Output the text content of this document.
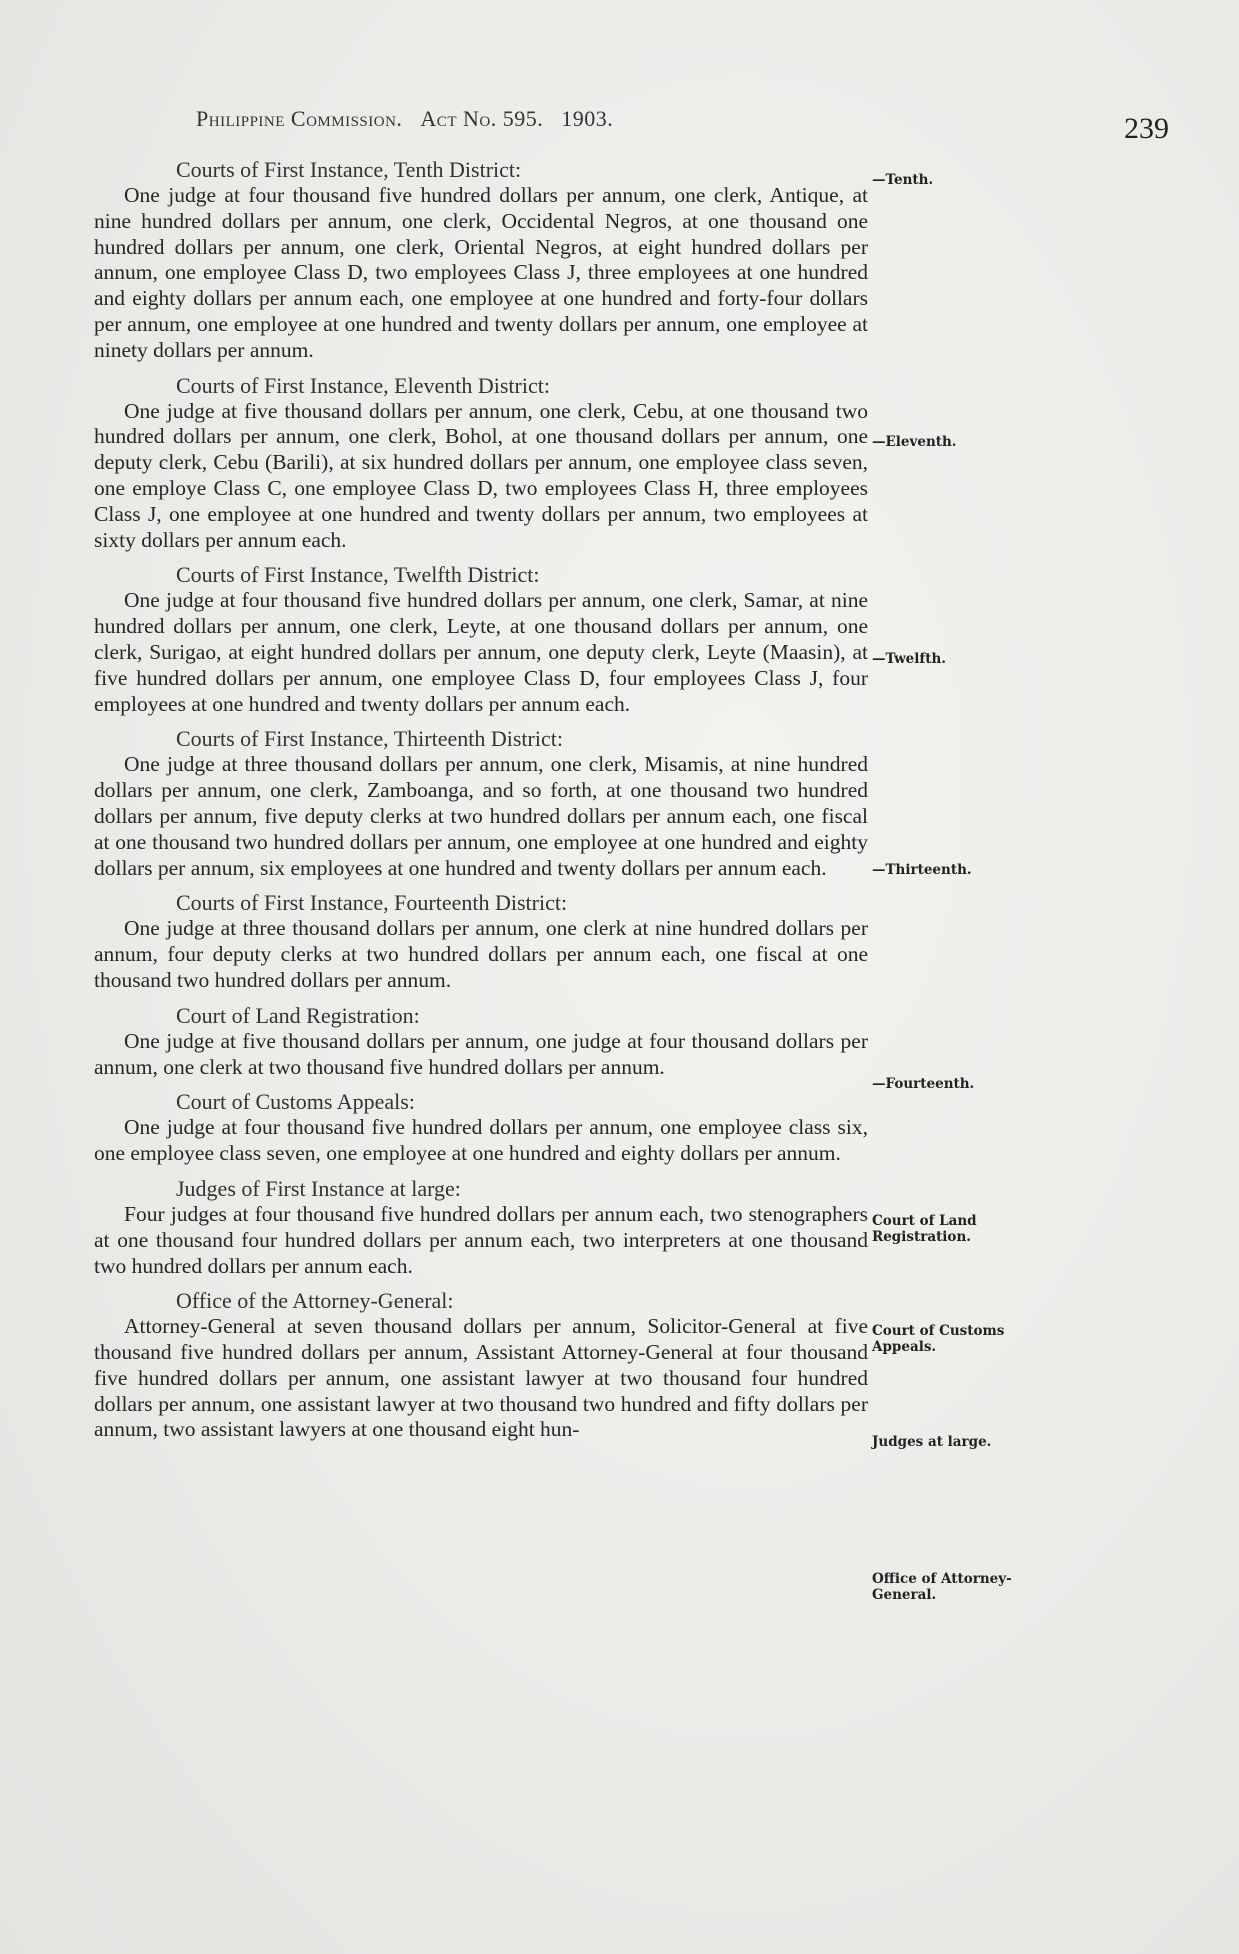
Philippine Commission. Act No. 595. 1903.	239
Courts of First Instance, Tenth District:

One judge at four thousand five hundred dollars per annum, one clerk, Antique, at nine hundred dollars per annum, one clerk, Occidental Negros, at one thousand one hundred dollars per annum, one clerk, Oriental Negros, at eight hundred dollars per annum, one employee Class D, two employees Class J, three employees at one hundred and eighty dollars per annum each, one employee at one hundred and forty-four dollars per annum, one employee at one hundred and twenty dollars per annum, one employee at ninety dollars per annum.

Courts of First Instance, Eleventh District:

One judge at five thousand dollars per annum, one clerk, Cebu, at one thousand two hundred dollars per annum, one clerk, Bohol, at one thousand dollars per annum, one deputy clerk, Cebu (Barili), at six hundred dollars per annum, one employee class seven, one employe Class C, one employee Class D, two employees Class H, three employees Class J, one employee at one hundred and twenty dollars per annum, two employees at sixty dollars per annum each.

Courts of First Instance, Twelfth District:

One judge at four thousand five hundred dollars per annum, one clerk, Samar, at nine hundred dollars per annum, one clerk, Leyte, at one thousand dollars per annum, one clerk, Surigao, at eight hundred dollars per annum, one deputy clerk, Leyte (Maasin), at five hundred dollars per annum, one employee Class D, four employees Class J, four employees at one hundred and twenty dollars per annum each.

Courts of First Instance, Thirteenth District:

One judge at three thousand dollars per annum, one clerk, Misamis, at nine hundred dollars per annum, one clerk, Zamboanga, and so forth, at one thousand two hundred dollars per annum, five deputy clerks at two hundred dollars per annum each, one fiscal at one thousand two hundred dollars per annum, one employee at one hundred and eighty dollars per annum, six employees at one hundred and twenty dollars per annum each.

Courts of First Instance, Fourteenth District:

One judge at three thousand dollars per annum, one clerk at nine hundred dollars per annum, four deputy clerks at two hundred dollars per annum each, one fiscal at one thousand two hundred dollars per annum.

Court of Land Registration:

One judge at five thousand dollars per annum, one judge at four thousand dollars per annum, one clerk at two thousand five hundred dollars per annum.

Court of Customs Appeals:

One judge at four thousand five hundred dollars per annum, one employee class six, one employee class seven, one employee at one hundred and eighty dollars per annum.

Judges of First Instance at large:

Four judges at four thousand five hundred dollars per annum each, two stenographers at one thousand four hundred dollars per annum each, two interpreters at one thousand two hundred dollars per annum each.

Office of the Attorney-General:

Attorney-General at seven thousand dollars per annum, Solicitor-General at five thousand five hundred dollars per annum, Assistant Attorney-General at four thousand five hundred dollars per annum, one assistant lawyer at two thousand four hundred dollars per annum, one assistant lawyer at two thousand two hundred and fifty dollars per annum, two assistant lawyers at one thousand eight hun-

—Tenth.
—Eleventh.
—Twelfth.
—Thirteenth.
—Fourteenth.
Court of Land Registration.
Court of Customs Appeals.
Judges at large.
Office of Attorney-General.
